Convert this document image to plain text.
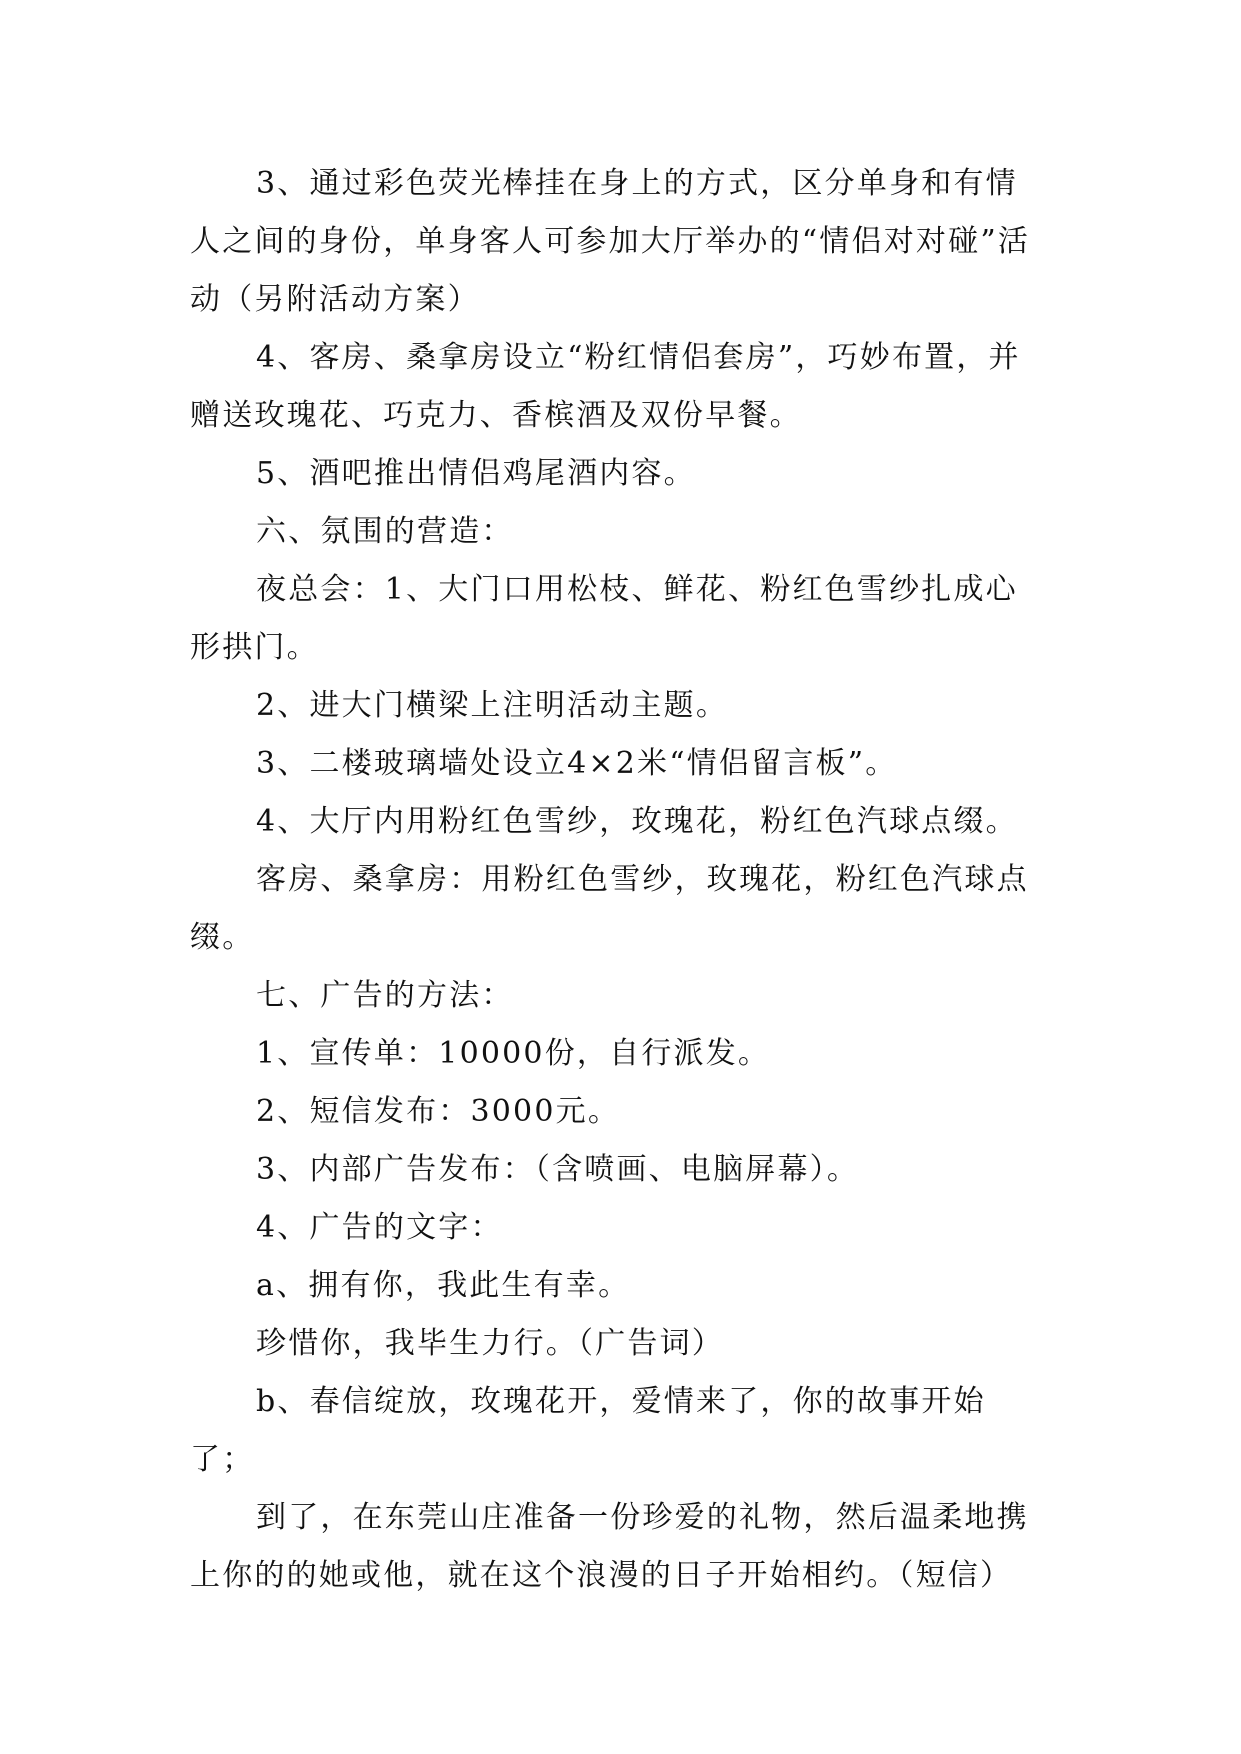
3、通过彩色荧光棒挂在身上的方式，区分单身和有情人之间的身份，单身客人可参加大厅举办的“情侣对对碰”活动（另附活动方案）

4、客房、桑拿房设立“粉红情侣套房”，巧妙布置，并赠送玫瑰花、巧克力、香槟酒及双份早餐。

5、酒吧推出情侣鸡尾酒内容。

六、氛围的营造：

夜总会：1、大门口用松枝、鲜花、粉红色雪纱扎成心形拱门。

2、进大门横梁上注明活动主题。

3、二楼玻璃墙处设立4×2米“情侣留言板”。

4、大厅内用粉红色雪纱，玫瑰花，粉红色汽球点缀。

客房、桑拿房：用粉红色雪纱，玫瑰花，粉红色汽球点缀。

七、广告的方法：

1、宣传单：10000份，自行派发。

2、短信发布：3000元。

3、内部广告发布：（含喷画、电脑屏幕）。

4、广告的文字：

a、拥有你，我此生有幸。

珍惜你，我毕生力行。（广告词）

b、春信绽放，玫瑰花开，爱情来了，你的故事开始了；

到了，在东莞山庄准备一份珍爱的礼物，然后温柔地携上你的的她或他，就在这个浪漫的日子开始相约。（短信）
